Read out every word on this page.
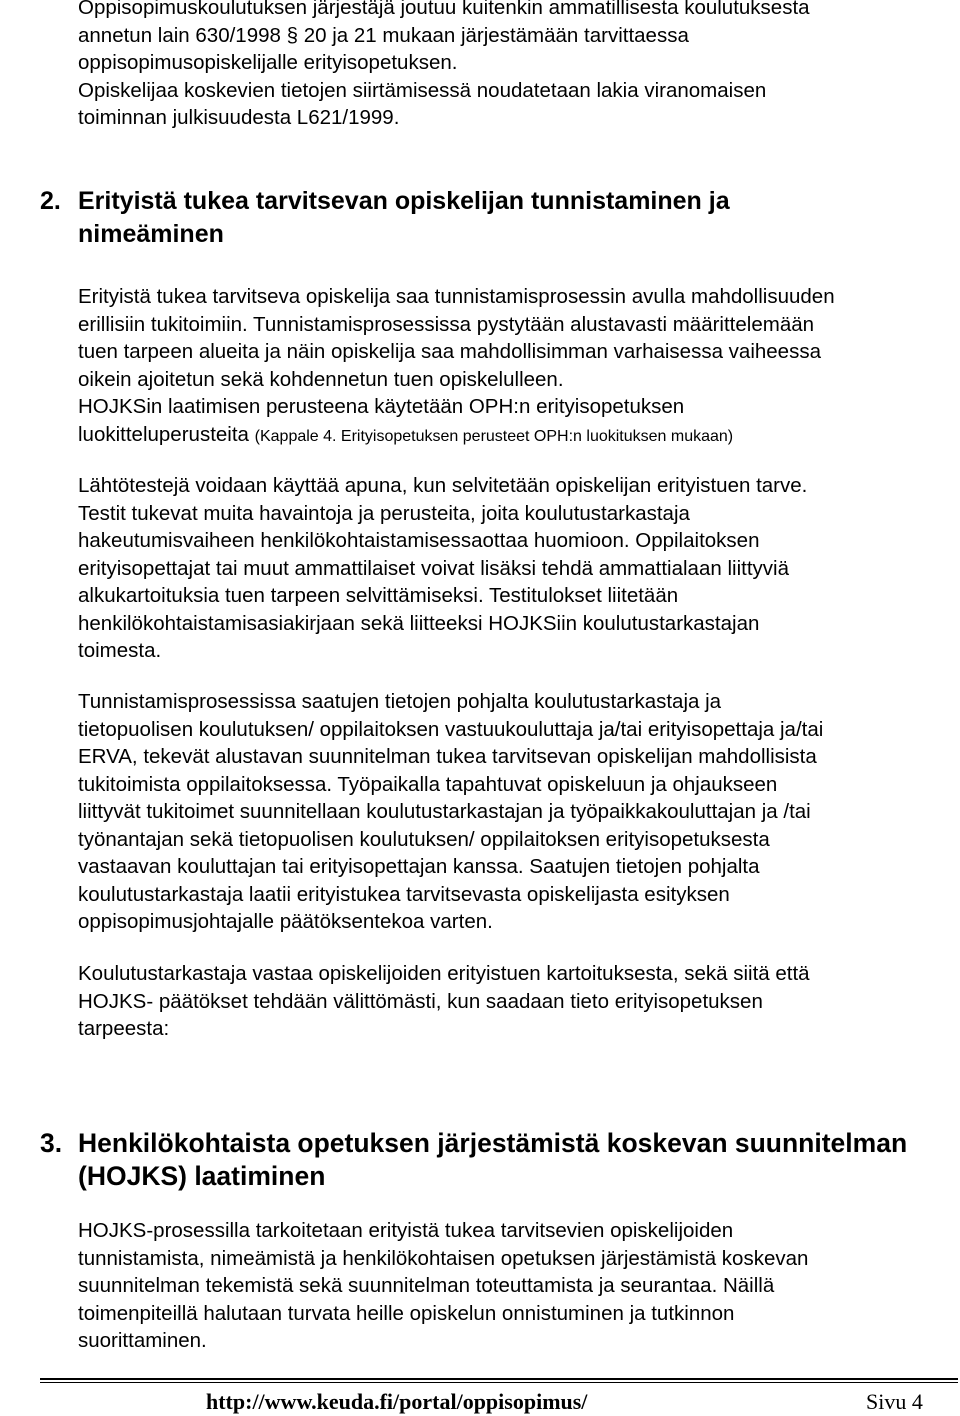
Oppisopimuskoulutuksen järjestäjä joutuu kuitenkin ammatillisesta koulutuksesta
annetun lain 630/1998 § 20 ja 21 mukaan järjestämään tarvittaessa
oppisopimusopiskelijalle erityisopetuksen.
Opiskelijaa koskevien tietojen siirtämisessä noudatetaan lakia viranomaisen
toiminnan julkisuudesta L621/1999.
2. Erityistä tukea tarvitsevan opiskelijan tunnistaminen ja
nimeäminen
Erityistä tukea tarvitseva opiskelija saa tunnistamisprosessin avulla mahdollisuuden
erillisiin tukitoimiin. Tunnistamisprosessissa pystytään alustavasti määrittelemään
tuen tarpeen alueita ja näin opiskelija saa mahdollisimman varhaisessa vaiheessa
oikein ajoitetun sekä kohdennetun tuen opiskelulleen.
HOJKSin laatimisen perusteena käytetään OPH:n erityisopetuksen
luokitteluperusteita (Kappale 4. Erityisopetuksen perusteet OPH:n luokituksen mukaan)
Lähtötestejä voidaan käyttää apuna, kun selvitetään opiskelijan erityistuen tarve.
Testit tukevat muita havaintoja ja perusteita, joita koulutustarkastaja
hakeutumisvaiheen henkilökohtaistamisessaottaa huomioon. Oppilaitoksen
erityisopettajat tai muut ammattilaiset voivat lisäksi tehdä ammattialaan liittyviä
alkukartoituksia tuen tarpeen selvittämiseksi. Testitulokset liitetään
henkilökohtaistamisasiakirjaan sekä liitteeksi HOJKSiin koulutustarkastajan
toimesta.
Tunnistamisprosessissa saatujen tietojen pohjalta koulutustarkastaja ja
tietopuolisen koulutuksen/ oppilaitoksen vastuukouluttaja ja/tai erityisopettaja ja/tai
ERVA, tekevät alustavan suunnitelman tukea tarvitsevan opiskelijan mahdollisista
tukitoimista oppilaitoksessa. Työpaikalla tapahtuvat opiskeluun ja ohjaukseen
liittyvät tukitoimet suunnitellaan koulutustarkastajan ja työpaikkakouluttajan ja /tai
työnantajan sekä tietopuolisen koulutuksen/ oppilaitoksen erityisopetuksesta
vastaavan kouluttajan tai erityisopettajan kanssa. Saatujen tietojen pohjalta
koulutustarkastaja laatii erityistukea tarvitsevasta opiskelijasta esityksen
oppisopimusjohtajalle päätöksentekoa varten.
Koulutustarkastaja vastaa opiskelijoiden erityistuen kartoituksesta, sekä siitä että
HOJKS- päätökset tehdään välittömästi, kun saadaan tieto erityisopetuksen
tarpeesta:
3. Henkilökohtaista opetuksen järjestämistä koskevan suunnitelman
(HOJKS) laatiminen
HOJKS-prosessilla tarkoitetaan erityistä tukea tarvitsevien opiskelijoiden
tunnistamista, nimeämistä ja henkilökohtaisen opetuksen järjestämistä koskevan
suunnitelman tekemistä sekä suunnitelman toteuttamista ja seurantaa. Näillä
toimenpiteillä halutaan turvata heille opiskelun onnistuminen ja tutkinnon
suorittaminen.
http://www.keuda.fi/portal/oppisopimus/	Sivu 4
